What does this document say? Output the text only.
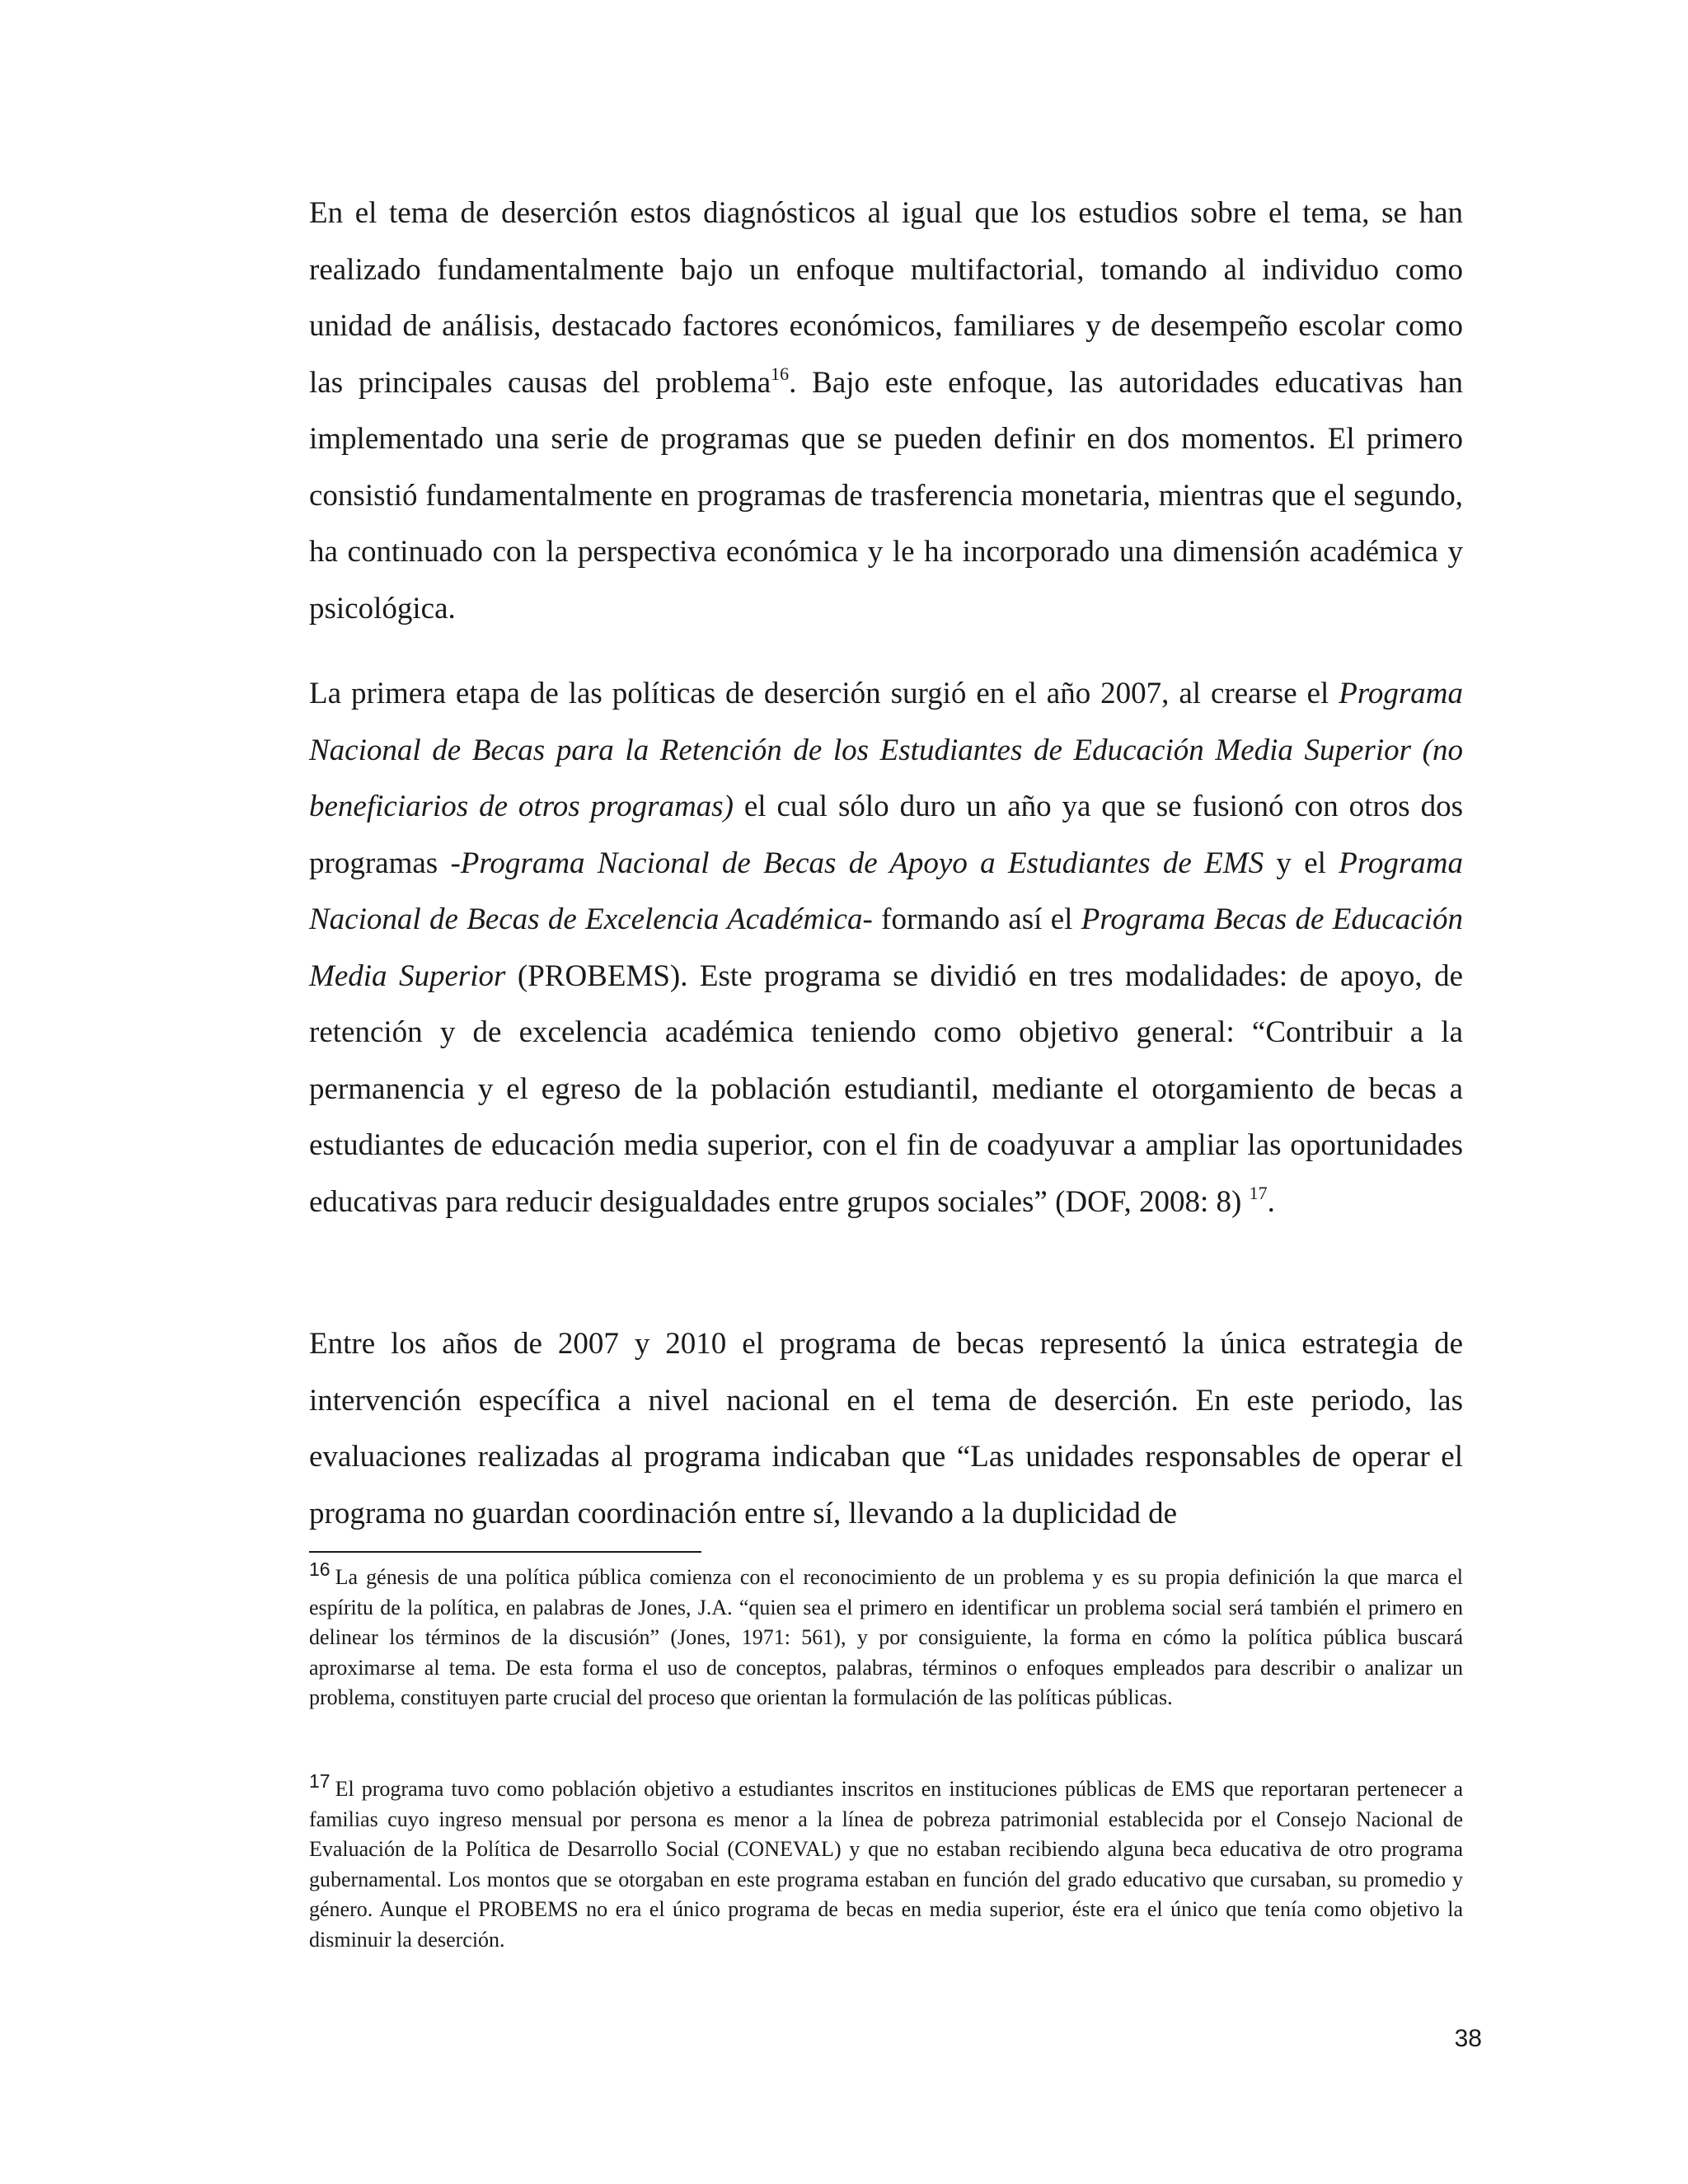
En el tema de deserción estos diagnósticos al igual que los estudios sobre el tema, se han realizado fundamentalmente bajo un enfoque multifactorial, tomando al individuo como unidad de análisis, destacado factores económicos, familiares y de desempeño escolar como las principales causas del problema$^{16}$. Bajo este enfoque, las autoridades educativas han implementado una serie de programas que se pueden definir en dos momentos. El primero consistió fundamentalmente en programas de trasferencia monetaria, mientras que el segundo, ha continuado con la perspectiva económica y le ha incorporado una dimensión académica y psicológica.

La primera etapa de las políticas de deserción surgió en el año 2007, al crearse el Programa Nacional de Becas para la Retención de los Estudiantes de Educación Media Superior (no beneficiarios de otros programas) el cual sólo duro un año ya que se fusionó con otros dos programas -Programa Nacional de Becas de Apoyo a Estudiantes de EMS y el Programa Nacional de Becas de Excelencia Académica- formando así el Programa Becas de Educación Media Superior (PROBEMS). Este programa se dividió en tres modalidades: de apoyo, de retención y de excelencia académica teniendo como objetivo general: “Contribuir a la permanencia y el egreso de la población estudiantil, mediante el otorgamiento de becas a estudiantes de educación media superior, con el fin de coadyuvar a ampliar las oportunidades educativas para reducir desigualdades entre grupos sociales” (DOF, 2008: 8) $^{17}$.

Entre los años de 2007 y 2010 el programa de becas representó la única estrategia de intervención específica a nivel nacional en el tema de deserción. En este periodo, las evaluaciones realizadas al programa indicaban que “Las unidades responsables de operar el programa no guardan coordinación entre sí, llevando a la duplicidad de

16 La génesis de una política pública comienza con el reconocimiento de un problema y es su propia definición la que marca el espíritu de la política, en palabras de Jones, J.A. “quien sea el primero en identificar un problema social será también el primero en delinear los términos de la discusión” (Jones, 1971: 561), y por consiguiente, la forma en cómo la política pública buscará aproximarse al tema. De esta forma el uso de conceptos, palabras, términos o enfoques empleados para describir o analizar un problema, constituyen parte crucial del proceso que orientan la formulación de las políticas públicas.

17 El programa tuvo como población objetivo a estudiantes inscritos en instituciones públicas de EMS que reportaran pertenecer a familias cuyo ingreso mensual por persona es menor a la línea de pobreza patrimonial establecida por el Consejo Nacional de Evaluación de la Política de Desarrollo Social (CONEVAL) y que no estaban recibiendo alguna beca educativa de otro programa gubernamental. Los montos que se otorgaban en este programa estaban en función del grado educativo que cursaban, su promedio y género. Aunque el PROBEMS no era el único programa de becas en media superior, éste era el único que tenía como objetivo la disminuir la deserción.

38
